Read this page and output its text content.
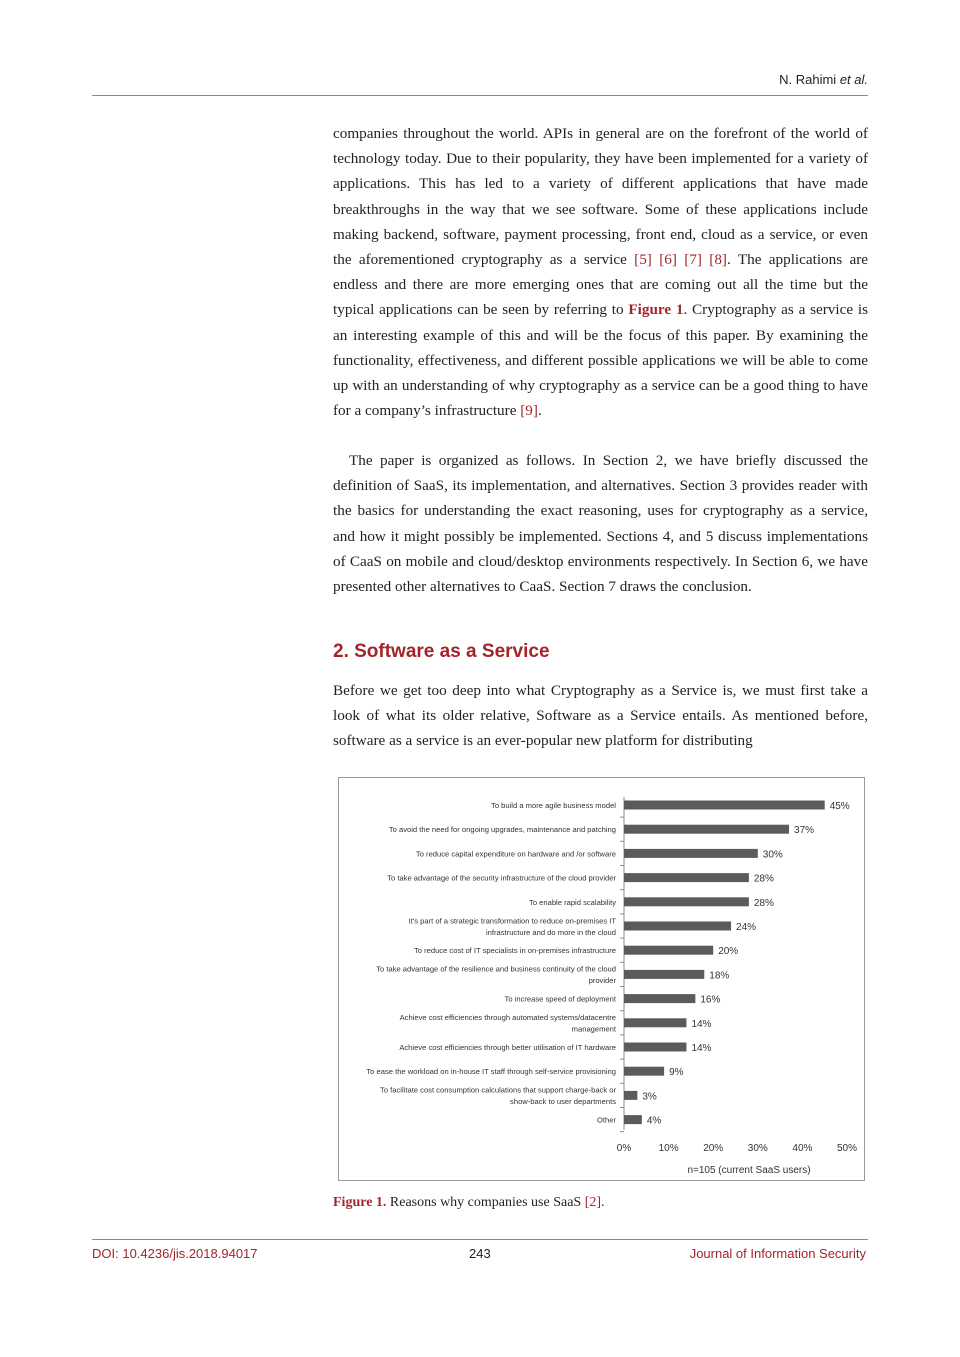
N. Rahimi et al.

companies throughout the world. APIs in general are on the forefront of the world of technology today. Due to their popularity, they have been implemented for a variety of applications. This has led to a variety of different applications that have made breakthroughs in the way that we see software. Some of these applications include making backend, software, payment processing, front end, cloud as a service, or even the aforementioned cryptography as a service [5] [6] [7] [8]. The applications are endless and there are more emerging ones that are coming out all the time but the typical applications can be seen by referring to Figure 1. Cryptography as a service is an interesting example of this and will be the focus of this paper. By examining the functionality, effectiveness, and different possible applications we will be able to come up with an understanding of why cryptography as a service can be a good thing to have for a company’s infrastructure [9].

The paper is organized as follows. In Section 2, we have briefly discussed the definition of SaaS, its implementation, and alternatives. Section 3 provides reader with the basics for understanding the exact reasoning, uses for cryptography as a service, and how it might possibly be implemented. Sections 4, and 5 discuss implementations of CaaS on mobile and cloud/desktop environments respectively. In Section 6, we have presented other alternatives to CaaS. Section 7 draws the conclusion.

2. Software as a Service

Before we get too deep into what Cryptography as a Service is, we must first take a look of what its older relative, Software as a Service entails. As mentioned before, software as a service is an ever-popular new platform for distributing

45%
To build a more agile business model
37%
To avoid the need for ongoing upgrades, maintenance and patching
30%
To reduce capital expenditure on hardware and /or software
28%
To take advantage of the security infrastructure of the cloud provider
28%
To enable rapid scalability
24%
It's part of a strategic transformation to reduce on-premises IT
infrastructure and do more in the cloud
20%
To reduce cost of IT specialists in on-premises infrastructure
18%
To take advantage of the resilience and business continuity of the cloud
provider
16%
To increase speed of deployment
14%
Achieve cost efficiencies through automated systems/datacentre
management
14%
Achieve cost efficiencies through better utilisation of IT hardware
9%
To ease the workload on in-house IT staff through self-service provisioning
3%
To facilitate cost consumption calculations that support charge-back or
show-back to user departments
4%
Other
0%	10% 20% 30% 40% 50%
n=105 (current SaaS users)

Figure 1. Reasons why companies use SaaS [2].

DOI: 10.4236/jis.2018.94017	243	Journal of Information Security
